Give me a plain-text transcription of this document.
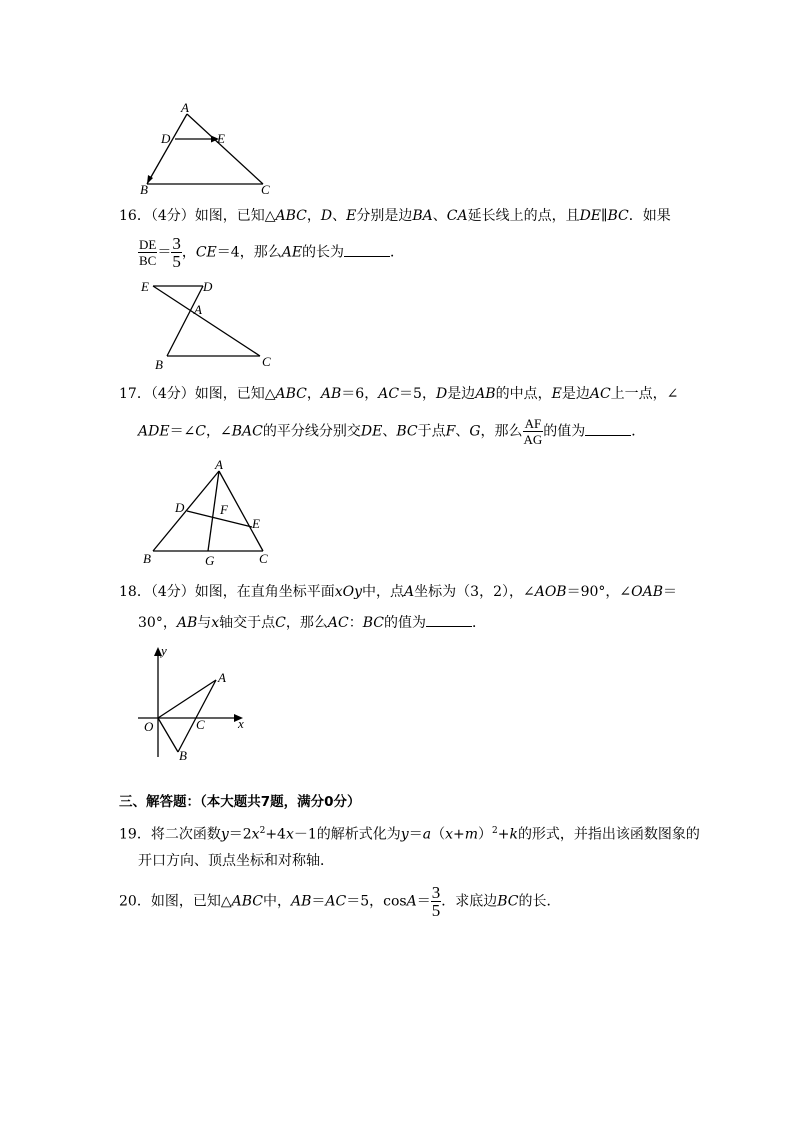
A
D	E
B	C
16．（4分）如图，已知△ABC，D、E分别是边BA、CA延长线上的点，且DE∥BC．如果
$\frac{DE}{BC} = \frac{3}{5}$ ，CE＝4，那么AE的长为	．
E	D
A
B	C
17．（4分）如图，已知△ABC，AB＝6，AC＝5，D是边AB的中点，E是边AC上一点，∠
ADE＝∠C，∠BAC的平分线分别交DE、BC于点F、G，那么 $\frac{AF}{AG}$ 的值为	．
A
D	F
E
B	G	C
18．（4分）如图，在直角坐标平面xOy中，点A坐标为（3，2），∠AOB＝90°，∠OAB＝
30°，AB与x轴交于点C，那么AC：BC的值为	．
y
x
O
A
C
B
三、解答题：（本大题共7题，满分0分）
19．将二次函数$y=2x^2+4x-1$的解析式化为$y=a(x+m)^2+k$的形式，并指出该函数图象的
开口方向、顶点坐标和对称轴．
20．如图，已知△ABC中，AB＝AC＝5，$\cos A= \frac{3}{5}$ ．求底边BC的长．
